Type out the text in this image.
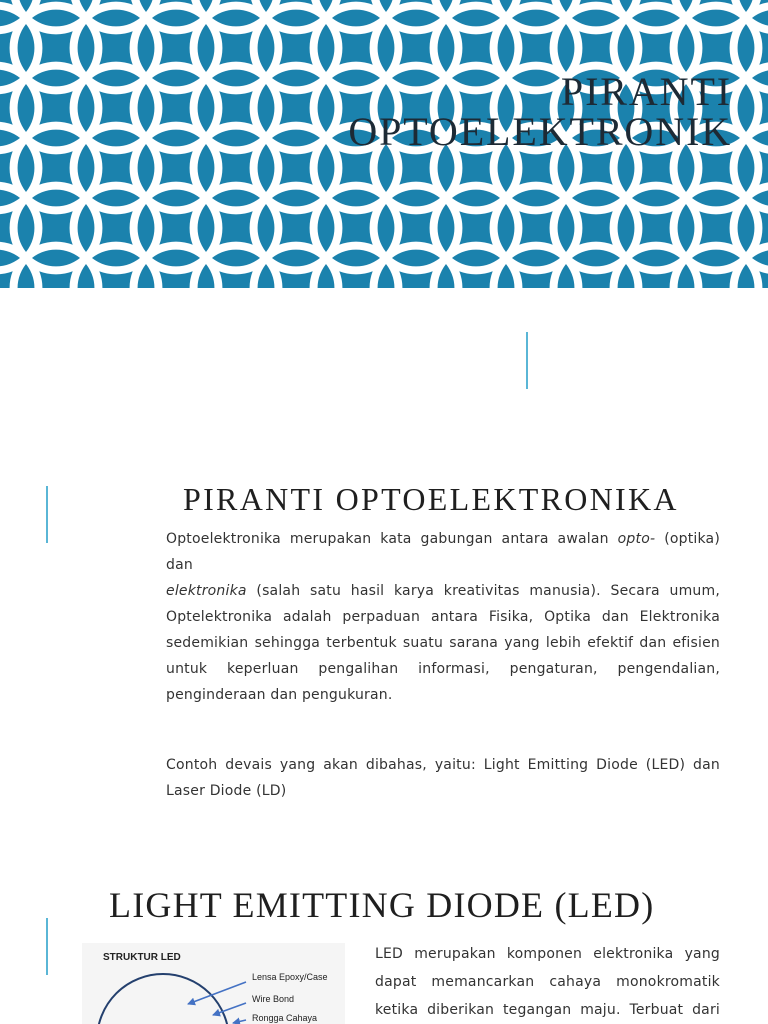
PIRANTI
OPTOELEKTRONIK
PIRANTI OPTOELEKTRONIKA
Optoelektronika merupakan kata gabungan antara awalan opto- (optika)
dan
elektronika (salah satu hasil karya kreativitas manusia). Secara umum,
Optelektronika adalah perpaduan antara Fisika, Optika dan Elektronika
sedemikian sehingga terbentuk suatu sarana yang lebih efektif dan efisien
untuk keperluan pengalihan informasi, pengaturan, pengendalian,
penginderaan dan pengukuran.
Contoh devais yang akan dibahas, yaitu: Light Emitting Diode (LED) dan
Laser Diode (LD)
LIGHT EMITTING DIODE (LED)
STRUKTUR LED
Lensa Epoxy/Case
Wire Bond
Rongga Cahaya
LED merupakan komponen elektronika yang
dapat memancarkan cahaya monokromatik
ketika diberikan tegangan maju. Terbuat dari
